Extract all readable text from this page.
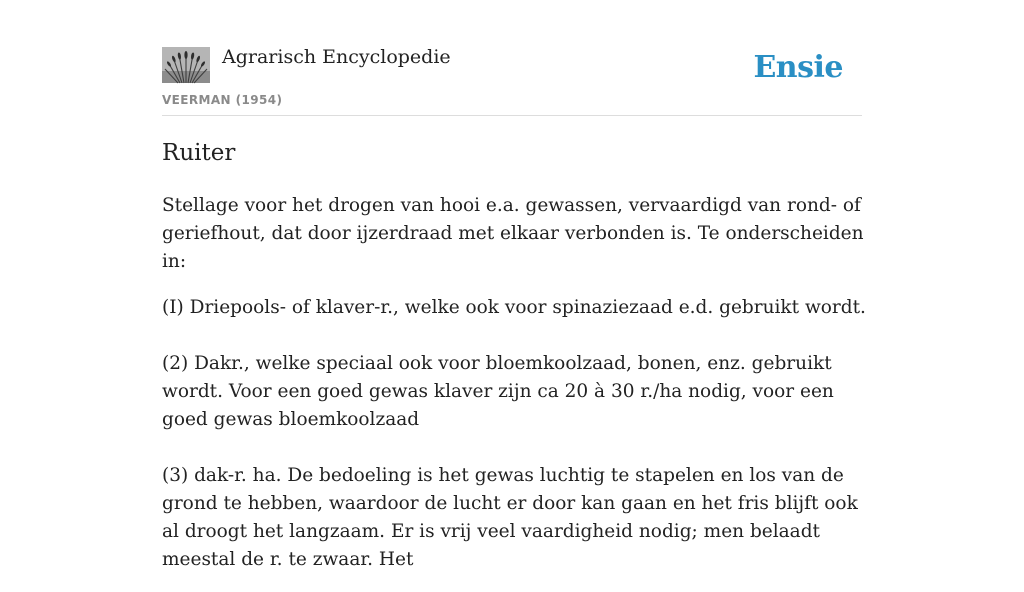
Agrarisch Encyclopedie
VEERMAN (1954)
Ensie
Ruiter

Stellage voor het drogen van hooi e.a. gewassen, vervaardigd van rond- of geriefhout, dat door ijzerdraad met elkaar verbonden is. Te onderscheiden in:

(I) Driepools- of klaver-r., welke ook voor spinaziezaad e.d. gebruikt wordt.

(2) Dakr., welke speciaal ook voor bloemkoolzaad, bonen, enz. gebruikt wordt. Voor een goed gewas klaver zijn ca 20 à 30 r./ha nodig, voor een goed gewas bloemkoolzaad

(3) dak-r. ha. De bedoeling is het gewas luchtig te stapelen en los van de grond te hebben, waardoor de lucht er door kan gaan en het fris blijft ook al droogt het langzaam. Er is vrij veel vaardigheid nodig; men belaadt meestal de r. te zwaar. Het
